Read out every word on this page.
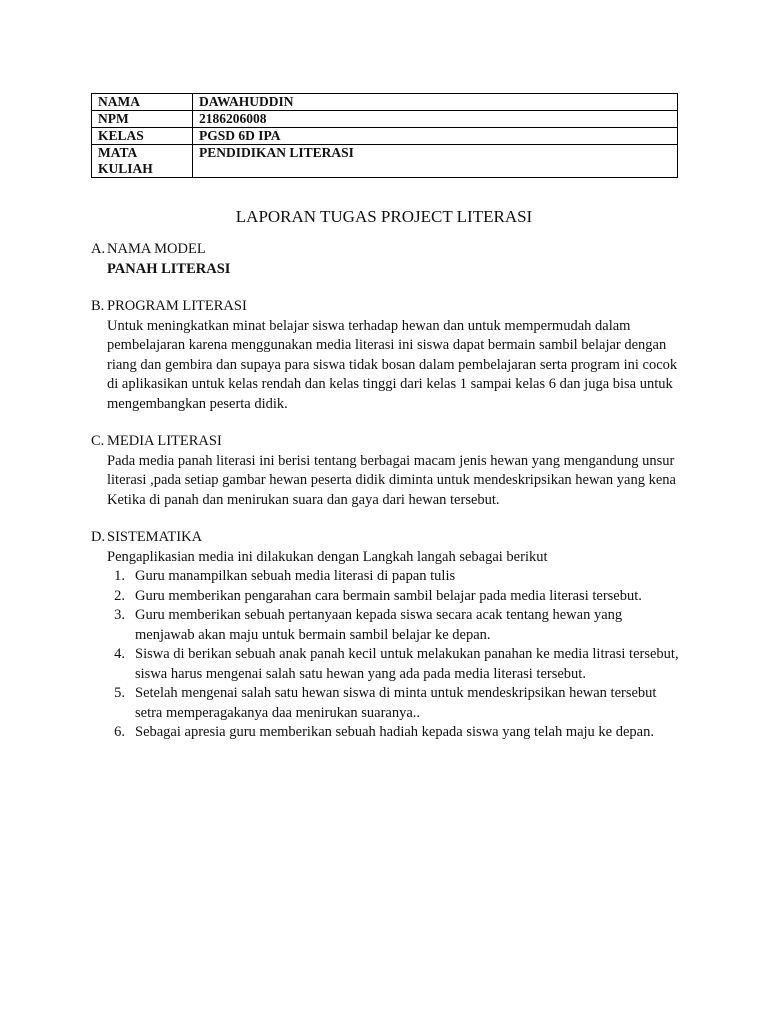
NAMA	DAWAHUDDIN
NPM	2186206008
KELAS	PGSD 6D IPA
MATA KULIAH	PENDIDIKAN LITERASI
LAPORAN TUGAS PROJECT LITERASI
A. NAMA MODEL
PANAH LITERASI
B. PROGRAM LITERASI
Untuk meningkatkan minat belajar siswa terhadap hewan dan untuk mempermudah dalam pembelajaran karena menggunakan media literasi ini siswa dapat bermain sambil belajar dengan riang dan gembira dan supaya para siswa tidak bosan dalam pembelajaran serta program ini cocok di aplikasikan untuk kelas rendah dan kelas tinggi dari kelas 1 sampai kelas 6 dan juga bisa untuk mengembangkan peserta didik.
C. MEDIA LITERASI
Pada media panah literasi ini berisi tentang berbagai macam jenis hewan yang mengandung unsur literasi ,pada setiap gambar hewan peserta didik diminta untuk mendeskripsikan hewan yang kena Ketika di panah dan menirukan suara dan gaya dari hewan tersebut.
D. SISTEMATIKA
Pengaplikasian media ini dilakukan dengan Langkah langah sebagai berikut
1. Guru manampilkan sebuah media literasi di papan tulis
2. Guru memberikan pengarahan cara bermain sambil belajar pada media literasi tersebut.
3. Guru memberikan sebuah pertanyaan kepada siswa secara acak tentang hewan yang menjawab akan maju untuk bermain sambil belajar ke depan.
4. Siswa di berikan sebuah anak panah kecil untuk melakukan panahan ke media litrasi tersebut, siswa harus mengenai salah satu hewan yang ada pada media literasi tersebut.
5. Setelah mengenai salah satu hewan siswa di minta untuk mendeskripsikan hewan tersebut setra memperagakanya daa menirukan suaranya..
6. Sebagai apresia guru memberikan sebuah hadiah kepada siswa yang telah maju ke depan.
